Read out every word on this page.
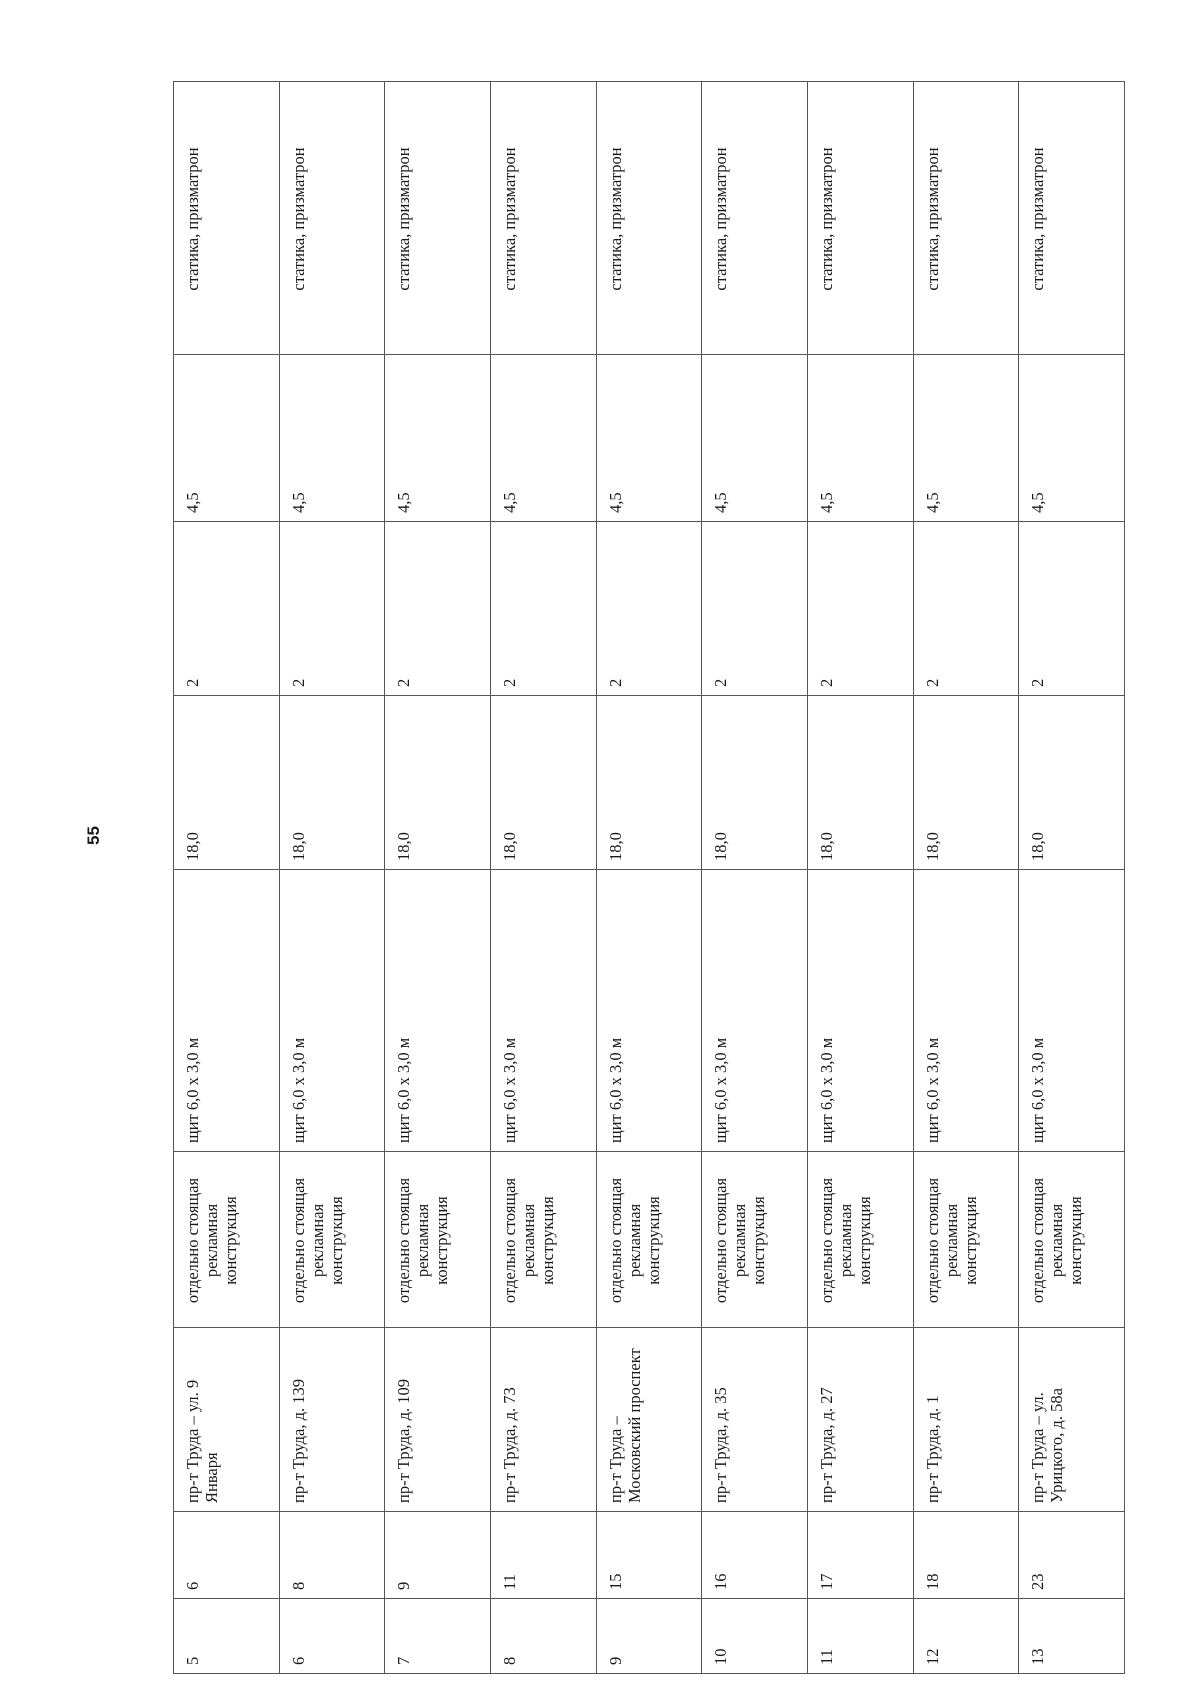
55
5	6	пр-т Труда – ул. 9 Января	отдельно стоящая рекламная конструкция	щит 6,0 х 3,0 м	18,0	2	4,5	статика, призматрон
6	8	пр-т Труда, д. 139	отдельно стоящая рекламная конструкция	щит 6,0 х 3,0 м	18,0	2	4,5	статика, призматрон
7	9	пр-т Труда, д. 109	отдельно стоящая рекламная конструкция	щит 6,0 х 3,0 м	18,0	2	4,5	статика, призматрон
8	11	пр-т Труда, д. 73	отдельно стоящая рекламная конструкция	щит 6,0 х 3,0 м	18,0	2	4,5	статика, призматрон
9	15	пр-т Труда – Московский проспект	отдельно стоящая рекламная конструкция	щит 6,0 х 3,0 м	18,0	2	4,5	статика, призматрон
10	16	пр-т Труда, д. 35	отдельно стоящая рекламная конструкция	щит 6,0 х 3,0 м	18,0	2	4,5	статика, призматрон
11	17	пр-т Труда, д. 27	отдельно стоящая рекламная конструкция	щит 6,0 х 3,0 м	18,0	2	4,5	статика, призматрон
12	18	пр-т Труда, д. 1	отдельно стоящая рекламная конструкция	щит 6,0 х 3,0 м	18,0	2	4,5	статика, призматрон
13	23	пр-т Труда – ул. Урицкого, д. 58а	отдельно стоящая рекламная конструкция	щит 6,0 х 3,0 м	18,0	2	4,5	статика, призматрон
